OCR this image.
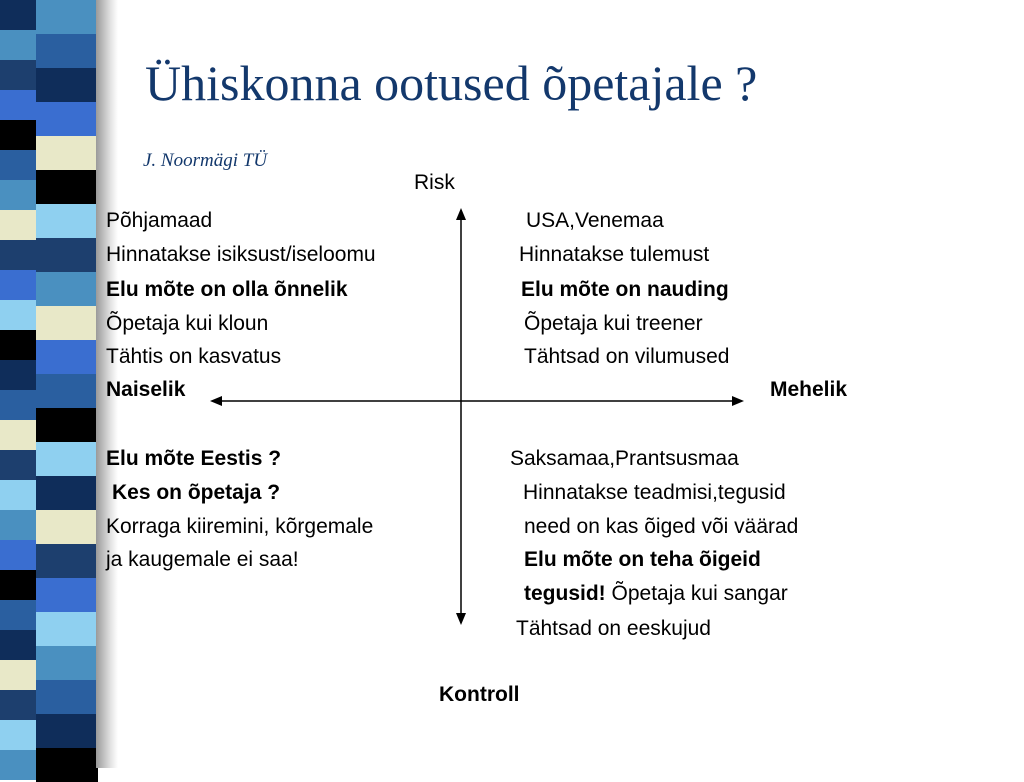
Ühiskonna ootused õpetajale ?
J. Noormägi TÜ
Risk
Kontroll
Naiselik	Mehelik
Põhjamaad
Hinnatakse isiksust/iseloomu
Elu mõte on olla õnnelik
Õpetaja kui kloun
Tähtis on kasvatus
USA,Venemaa
Hinnatakse tulemust
Elu mõte on nauding
Õpetaja kui treener
Tähtsad on vilumused
Elu mõte Eestis ?
Kes on õpetaja ?
Korraga kiiremini, kõrgemale
ja kaugemale ei saa!
Saksamaa,Prantsusmaa
Hinnatakse teadmisi,tegusid
need on kas õiged või väärad
Elu mõte on teha õigeid
tegusid! Õpetaja kui sangar
Tähtsad on eeskujud
